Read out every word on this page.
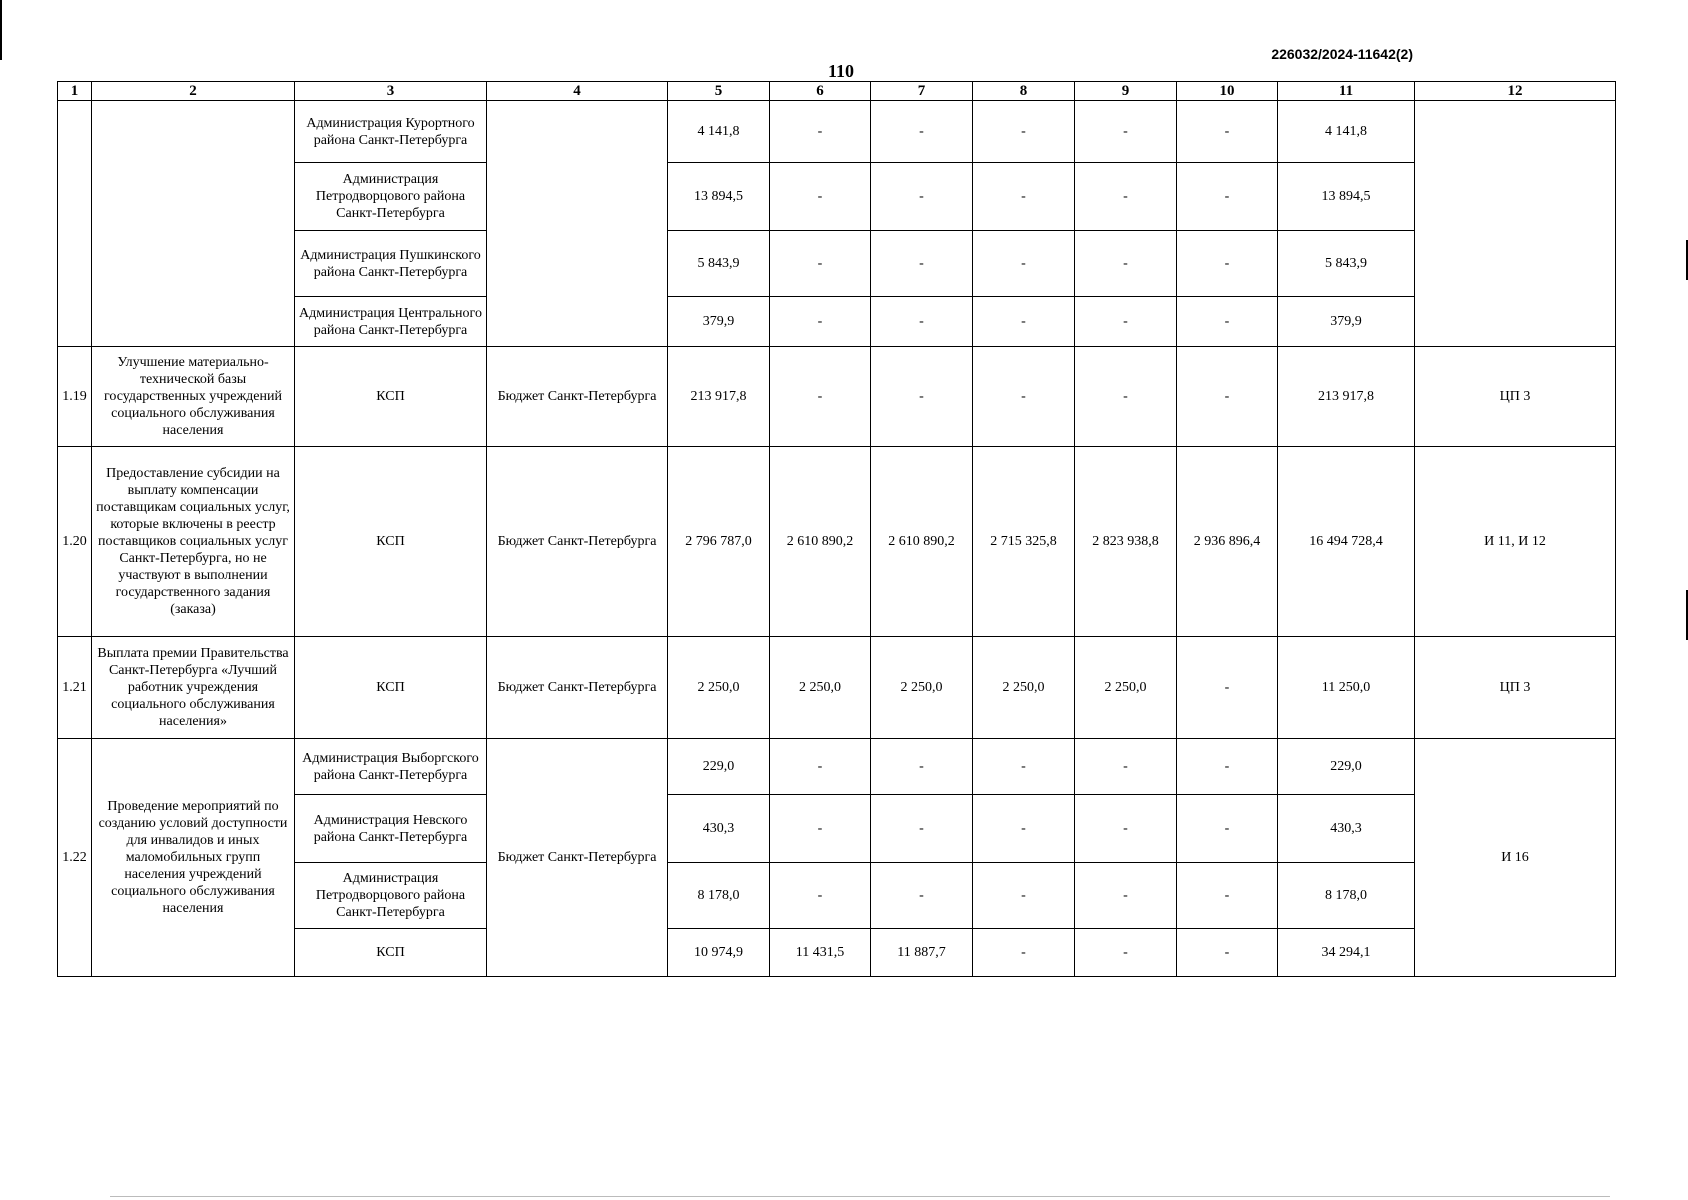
226032/2024-11642(2)
110
1	2	3	4	5	6	7	8	9	10	11	12
		Администрация Курортного района Санкт-Петербурга		4 141,8	-	-	-	-	-	4 141,8	
		Администрация Петродворцового района Санкт-Петербурга		13 894,5	-	-	-	-	-	13 894,5	
		Администрация Пушкинского района Санкт-Петербурга		5 843,9	-	-	-	-	-	5 843,9	
		Администрация Центрального района Санкт-Петербурга		379,9	-	-	-	-	-	379,9	
1.19	Улучшение материально-технической базы государственных учреждений социального обслуживания населения	КСП	Бюджет Санкт-Петербурга	213 917,8	-	-	-	-	-	213 917,8	ЦП 3
1.20	Предоставление субсидии на выплату компенсации поставщикам социальных услуг, которые включены в реестр поставщиков социальных услуг Санкт-Петербурга, но не участвуют в выполнении государственного задания (заказа)	КСП	Бюджет Санкт-Петербурга	2 796 787,0	2 610 890,2	2 610 890,2	2 715 325,8	2 823 938,8	2 936 896,4	16 494 728,4	И 11, И 12
1.21	Выплата премии Правительства Санкт-Петербурга «Лучший работник учреждения социального обслуживания населения»	КСП	Бюджет Санкт-Петербурга	2 250,0	2 250,0	2 250,0	2 250,0	2 250,0	-	11 250,0	ЦП 3
1.22	Проведение мероприятий по созданию условий доступности для инвалидов и иных маломобильных групп населения учреждений социального обслуживания населения	Администрация Выборгского района Санкт-Петербурга	Бюджет Санкт-Петербурга	229,0	-	-	-	-	-	229,0	И 16
		Администрация Невского района Санкт-Петербурга		430,3	-	-	-	-	-	430,3	
		Администрация Петродворцового района Санкт-Петербурга		8 178,0	-	-	-	-	-	8 178,0	
		КСП		10 974,9	11 431,5	11 887,7	-	-	-	34 294,1	
